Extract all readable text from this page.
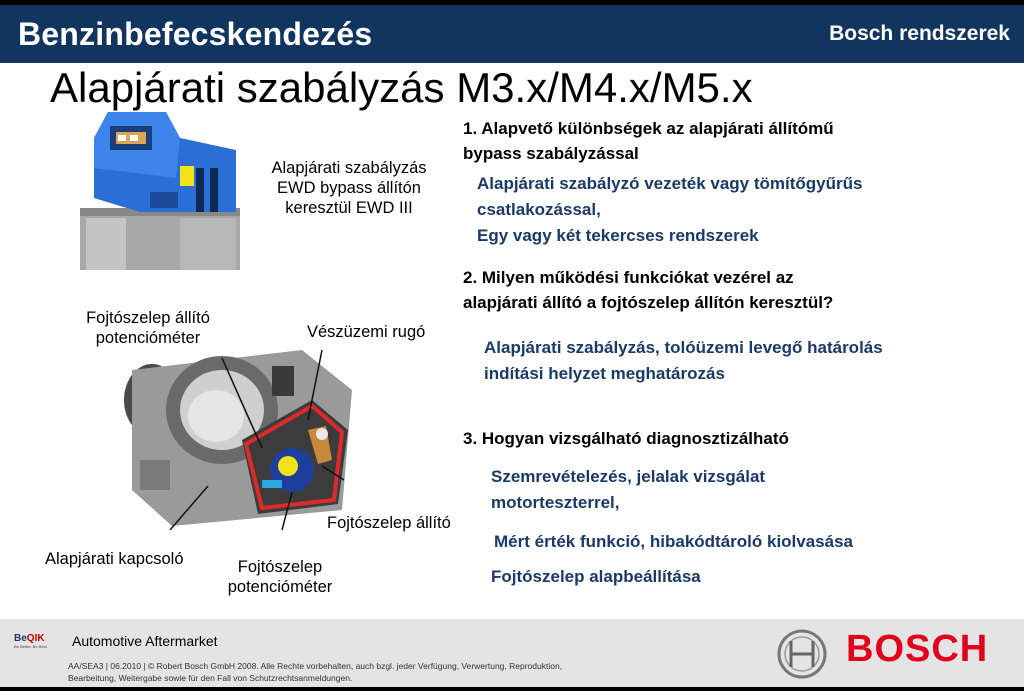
Benzinbefecskendezés	Bosch rendszerek
Alapjárati szabályzás M3.x/M4.x/M5.x
Alapjárati szabályzás
EWD bypass állítón
keresztül EWD III
Fojtószelep állító
potencióméter	Vészüzemi rugó
Fojtószelep állító
Alapjárati kapcsoló	Fojtószelep
potencióméter
1. Alapvető különbségek az alapjárati állítómű
bypass szabályzással
Alapjárati szabályzó vezeték vagy tömítőgyűrűs
csatlakozással,
Egy vagy két tekercses rendszerek
2. Milyen működési funkciókat vezérel az
alapjárati állító a fojtószelep állítón keresztül?
Alapjárati szabályzás, tolóüzemi levegő határolás
indítási helyzet meghatározás
3. Hogyan vizsgálható diagnosztizálható
Szemrevételezés, jelalak vizsgálat
motorteszterrel,
Mért érték funkció, hibakódtároló kiolvasása
Fojtószelep alapbeállítása
BeQIK
Be Better. Be Best.	Automotive Aftermarket
AA/SEA3 | 06.2010 | © Robert Bosch GmbH 2008. Alle Rechte vorbehalten, auch bzgl. jeder Verfügung, Verwertung, Reproduktion,
Bearbeitung, Weitergabe sowie für den Fall von Schutzrechtsanmeldungen.
BOSCH
